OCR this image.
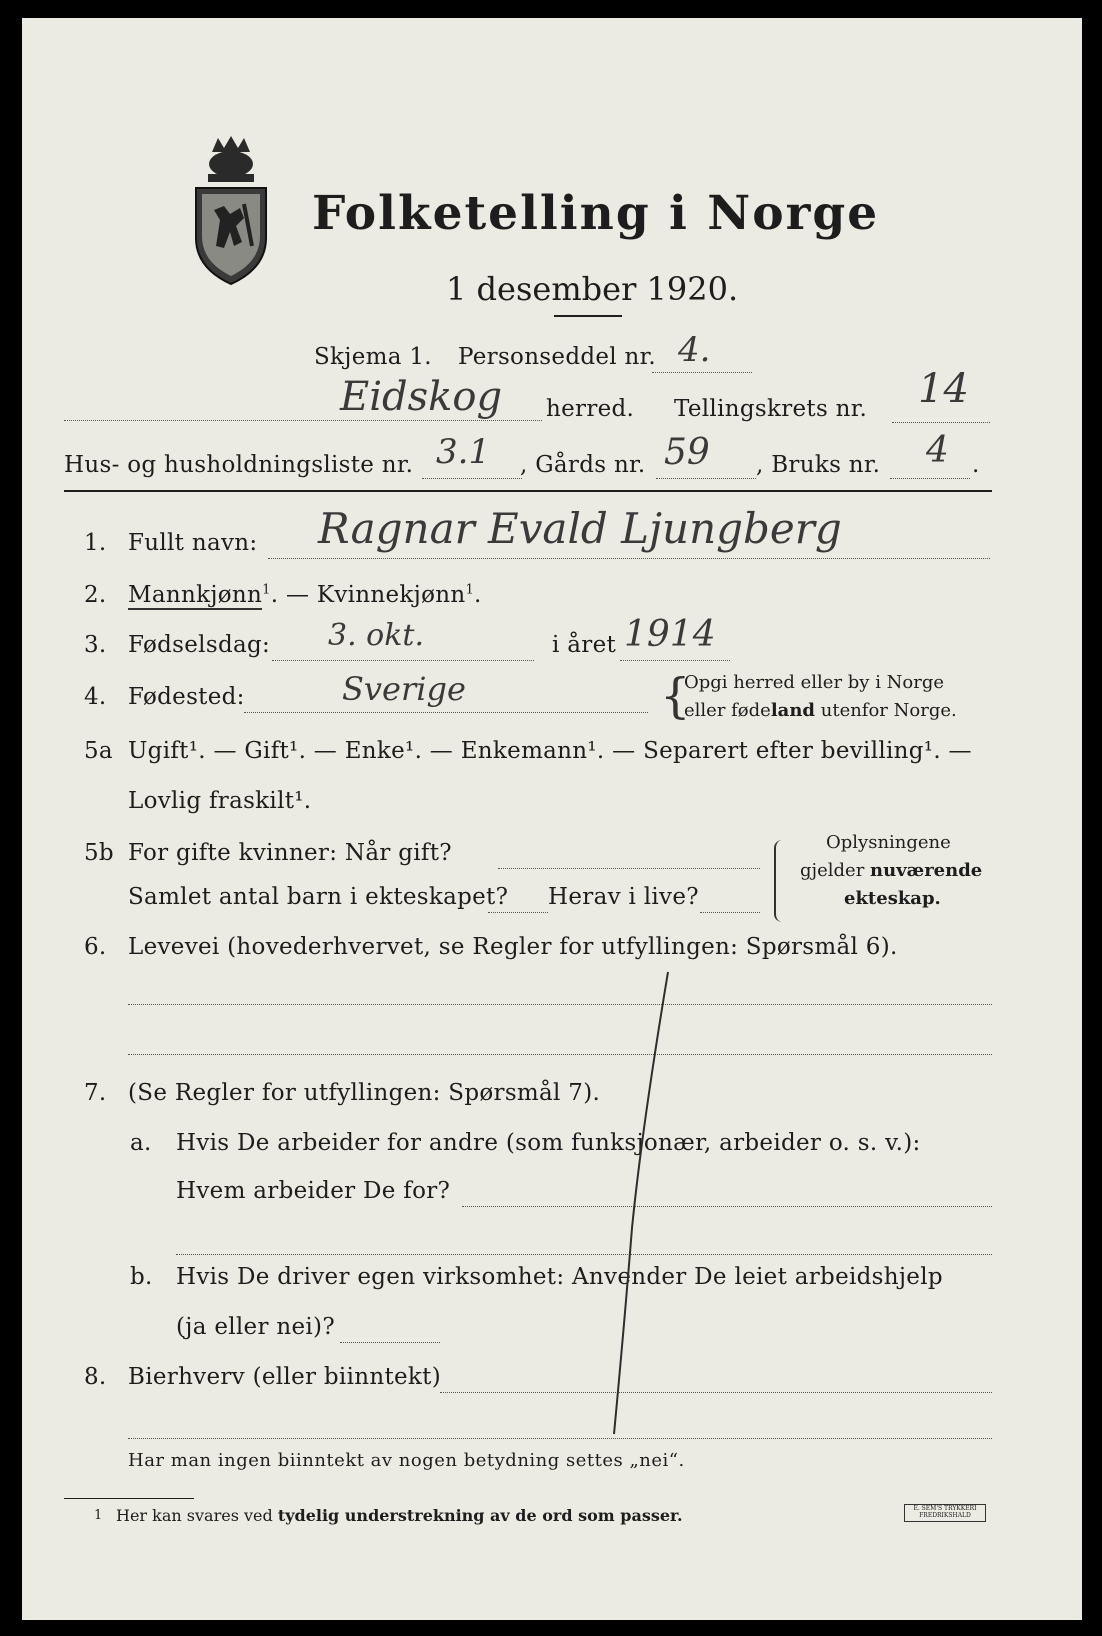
Folketelling i Norge
1 desember 1920.
Skjema 1. Personseddel nr. 4.
Eidskog herred. Tellingskrets nr. 14
Hus- og husholdningsliste nr. 3.1 , Gårds nr. 59 , Bruks nr. 4 .
1. Fullt navn: Ragnar Evald Ljungberg
2. Mannkjønn$^1$. — Kvinnekjønn$^1$.
3. Fødselsdag: 3. okt.	i året 1914
4. Fødested:	Sverige	{
Opgi herred eller by i Norge
eller fødeland utenfor Norge.
5a Ugift¹. — Gift¹. — Enke¹. — Enkemann¹. — Separert efter bevilling¹. —
Lovlig fraskilt¹.
5b For gifte kvinner: Når gift?
Samlet antal barn i ekteskapet? Herav i live?
Oplysningene
gjelder nuværende
ekteskap.
6. Levevei (hovederhvervet, se Regler for utfyllingen: Spørsmål 6).
7. (Se Regler for utfyllingen: Spørsmål 7).
a. Hvis De arbeider for andre (som funksjonær, arbeider o. s. v.):
Hvem arbeider De for?
b. Hvis De driver egen virksomhet: Anvender De leiet arbeidshjelp
(ja eller nei)?
8. Bierhverv (eller biinntekt)
Har man ingen biinntekt av nogen betydning settes „nei“.
1 Her kan svares ved tydelig understrekning av de ord som passer.	E. SEM'S TRYKKERI
FREDRIKSHALD
